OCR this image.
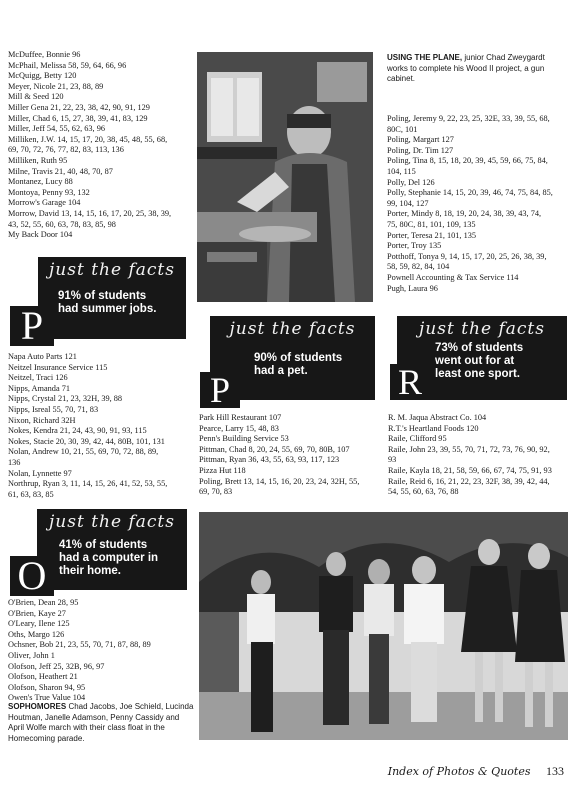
McDuffee, Bonnie 96
McPhail, Melissa 58, 59, 64, 66, 96
McQuigg, Betty 120
Meyer, Nicole 21, 23, 88, 89
Mill & Seed 120
Miller Gena 21, 22, 23, 38, 42, 90, 91, 129
Miller, Chad 6, 15, 27, 38, 39, 41, 83, 129
Miller, Jeff 54, 55, 62, 63, 96
Milliken, J.W. 14, 15, 17, 20, 38, 45, 48, 55, 68,
69, 70, 72, 76, 77, 82, 83, 113, 136
Milliken, Ruth 95
Milne, Travis 21, 40, 48, 70, 87
Montanez, Lucy 88
Montoya, Penny 93, 132
Morrow's Garage 104
Morrow, David 13, 14, 15, 16, 17, 20, 25, 38, 39,
43, 52, 55, 60, 63, 78, 83, 85, 98
My Back Door 104
just the facts
91% of students
had summer jobs.
P
Napa Auto Parts 121
Neitzel Insurance Service 115
Neitzel, Traci 126
Nipps, Amanda 71
Nipps, Crystal 21, 23, 32H, 39, 88
Nipps, Isreal 55, 70, 71, 83
Nixon, Richard 32H
Nokes, Kendra 21, 24, 43, 90, 91, 93, 115
Nokes, Stacie 20, 30, 39, 42, 44, 80B, 101, 131
Nolan, Andrew 10, 21, 55, 69, 70, 72, 88, 89,
136
Nolan, Lynnette 97
Northrup, Ryan 3, 11, 14, 15, 26, 41, 52, 53, 55,
61, 63, 83, 85
just the facts
41% of students
had a computer in
their home.
O
O'Brien, Dean 28, 95
O'Brien, Kaye 27
O'Leary, Ilene 125
Oths, Margo 126
Ochsner, Bob 21, 23, 55, 70, 71, 87, 88, 89
Oliver, John 1
Olofson, Jeff 25, 32B, 96, 97
Olofson, Heathert 21
Olofson, Sharon 94, 95
Owen's True Value 104
SOPHOMORES Chad Jacobs, Joe Schield, Lucinda Houtman, Janelle Adamson, Penny Cassidy and April Wolfe march with their class float in the Homecoming parade.
USING THE PLANE, junior Chad Zweygardt works to complete his Wood II project, a gun cabinet.
Poling, Jeremy 9, 22, 23, 25, 32E, 33, 39, 55, 68,
80C, 101
Poling, Margart 127
Poling, Dr. Tim 127
Poling, Tina 8, 15, 18, 20, 39, 45, 59, 66, 75, 84,
104, 115
Polly, Del 126
Polly, Stephanie 14, 15, 20, 39, 46, 74, 75, 84, 85,
99, 104, 127
Porter, Mindy 8, 18, 19, 20, 24, 38, 39, 43, 74,
75, 80C, 81, 101, 109, 135
Porter, Teresa 21, 101, 135
Porter, Troy 135
Potthoff, Tonya 9, 14, 15, 17, 20, 25, 26, 38, 39,
58, 59, 82, 84, 104
Pownell Accounting & Tax Service 114
Pugh, Laura 96
just the facts
90% of students
had a pet.
P
just the facts
73% of students
went out for at
least one sport.
R
Park Hill Restaurant 107
Pearce, Larry 15, 48, 83
Penn's Building Service 53
Pittman, Chad 8, 20, 24, 55, 69, 70, 80B, 107
Pittman, Ryan 36, 43, 55, 63, 93, 117, 123
Pizza Hut 118
Poling, Brett 13, 14, 15, 16, 20, 23, 24, 32H, 55,
69, 70, 83
R. M. Jaqua Abstract Co. 104
R.T.'s Heartland Foods 120
Raile, Clifford 95
Raile, John 23, 39, 55, 70, 71, 72, 73, 76, 90, 92,
93
Raile, Kayla 18, 21, 58, 59, 66, 67, 74, 75, 91, 93
Raile, Reid 6, 16, 21, 22, 23, 32F, 38, 39, 42, 44,
54, 55, 60, 63, 76, 88
Index of Photos & Quotes 133
